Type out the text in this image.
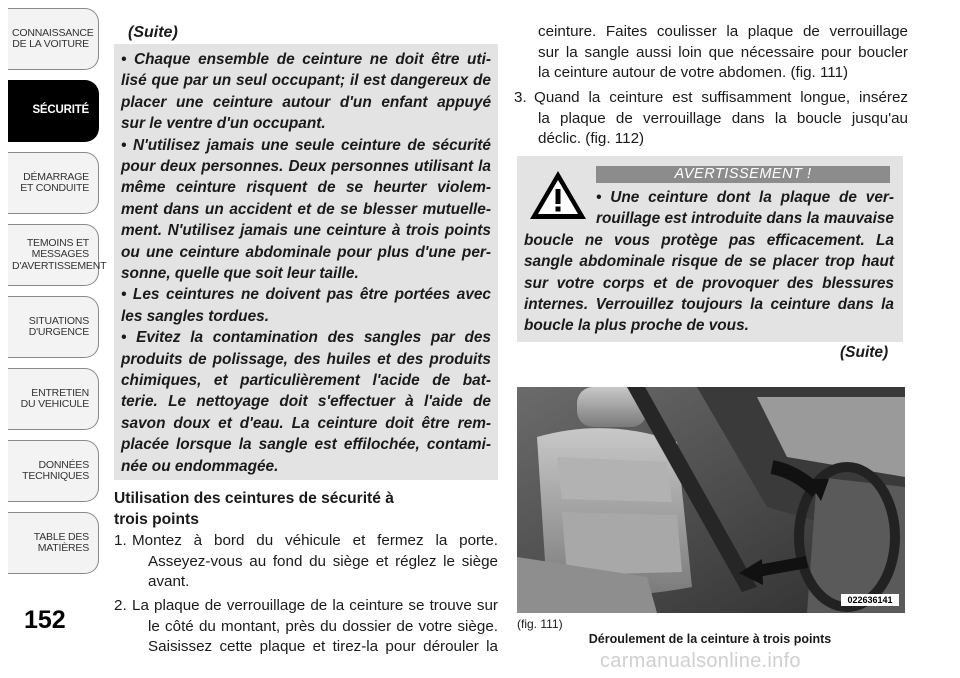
CONNAISSANCE
DE LA VOITURE
SÉCURITÉ
DÉMARRAGE
ET CONDUITE
TEMOINS ET
MESSAGES
D'AVERTISSEMENT
SITUATIONS
D'URGENCE
ENTRETIEN
DU VEHICULE
DONNÉES
TECHNIQUES
TABLE DES
MATIÈRES
152
(Suite)

• Chaque ensemble de ceinture ne doit être uti-

lisé que par un seul occupant; il est dangereux de

placer une ceinture autour d'un enfant appuyé

sur le ventre d'un occupant.

• N'utilisez jamais une seule ceinture de sécurité

pour deux personnes. Deux personnes utilisant la

même ceinture risquent de se heurter violem-

ment dans un accident et de se blesser mutuelle-

ment. N'utilisez jamais une ceinture à trois points

ou une ceinture abdominale pour plus d'une per-

sonne, quelle que soit leur taille.

• Les ceintures ne doivent pas être portées avec

les sangles tordues.

• Evitez la contamination des sangles par des

produits de polissage, des huiles et des produits

chimiques, et particulièrement l'acide de bat-

terie. Le nettoyage doit s'effectuer à l'aide de

savon doux et d'eau. La ceinture doit être rem-

placée lorsque la sangle est effilochée, contami-

née ou endommagée.

Utilisation des ceintures de sécurité à
trois points
1. Montez à bord du véhicule et fermez la porte.
Asseyez-vous au fond du siège et réglez le siège
avant.
2. La plaque de verrouillage de la ceinture se trouve sur
le côté du montant, près du dossier de votre siège.
Saisissez cette plaque et tirez-la pour dérouler la
ceinture. Faites coulisser la plaque de verrouillage
sur la sangle aussi loin que nécessaire pour boucler
la ceinture autour de votre abdomen. (fig. 111)
3. Quand la ceinture est suffisamment longue, insérez
la plaque de verrouillage dans la boucle jusqu'au
déclic. (fig. 112)
AVERTISSEMENT !

• Une ceinture dont la plaque de ver-

rouillage est introduite dans la mauvaise

boucle ne vous protège pas efficacement. La

sangle abdominale risque de se placer trop haut

sur votre corps et de provoquer des blessures

internes. Verrouillez toujours la ceinture dans la

boucle la plus proche de vous.

(Suite)
022636141
(fig. 111)
Déroulement de la ceinture à trois points
carmanualsonline.info
